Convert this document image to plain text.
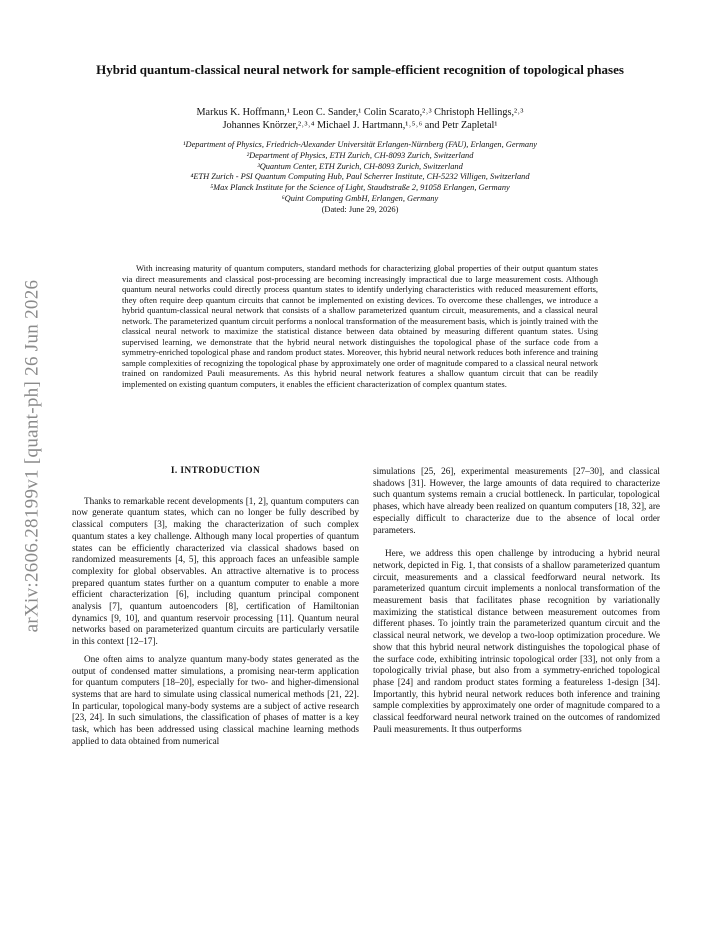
arXiv:2606.28199v1 [quant-ph] 26 Jun 2026
Hybrid quantum-classical neural network for sample-efficient recognition of topological phases
Markus K. Hoffmann,¹ Leon C. Sander,¹ Colin Scarato,²˒³ Christoph Hellings,²˒³
Johannes Knörzer,²˒³˒⁴ Michael J. Hartmann,¹˒⁵˒⁶ and Petr Zapletal¹
¹Department of Physics, Friedrich-Alexander Universität Erlangen-Nürnberg (FAU), Erlangen, Germany
²Department of Physics, ETH Zurich, CH-8093 Zurich, Switzerland
³Quantum Center, ETH Zurich, CH-8093 Zurich, Switzerland
⁴ETH Zurich - PSI Quantum Computing Hub, Paul Scherrer Institute, CH-5232 Villigen, Switzerland
⁵Max Planck Institute for the Science of Light, Staudtstraße 2, 91058 Erlangen, Germany
⁶Quint Computing GmbH, Erlangen, Germany
(Dated: June 29, 2026)
With increasing maturity of quantum computers, standard methods for characterizing global properties of their output quantum states via direct measurements and classical post-processing are becoming increasingly impractical due to large measurement costs. Although quantum neural networks could directly process quantum states to identify underlying characteristics with reduced measurement efforts, they often require deep quantum circuits that cannot be implemented on existing devices. To overcome these challenges, we introduce a hybrid quantum-classical neural network that consists of a shallow parameterized quantum circuit, measurements, and a classical neural network. The parameterized quantum circuit performs a nonlocal transformation of the measurement basis, which is jointly trained with the classical neural network to maximize the statistical distance between data obtained by measuring different quantum states. Using supervised learning, we demonstrate that the hybrid neural network distinguishes the topological phase of the surface code from a symmetry-enriched topological phase and random product states. Moreover, this hybrid neural network reduces both inference and training sample complexities of recognizing the topological phase by approximately one order of magnitude compared to a classical neural network trained on randomized Pauli measurements. As this hybrid neural network features a shallow quantum circuit that can be readily implemented on existing quantum computers, it enables the efficient characterization of complex quantum states.
I. INTRODUCTION

Thanks to remarkable recent developments [1, 2], quantum computers can now generate quantum states, which can no longer be fully described by classical computers [3], making the characterization of such complex quantum states a key challenge. Although many local properties of quantum states can be efficiently characterized via classical shadows based on randomized measurements [4, 5], this approach faces an unfeasible sample complexity for global observables. An attractive alternative is to process prepared quantum states further on a quantum computer to enable a more efficient characterization [6], including quantum principal component analysis [7], quantum autoencoders [8], certification of Hamiltonian dynamics [9, 10], and quantum reservoir processing [11]. Quantum neural networks based on parameterized quantum circuits are particularly versatile in this context [12–17].

One often aims to analyze quantum many-body states generated as the output of condensed matter simulations, a promising near-term application for quantum computers [18–20], especially for two- and higher-dimensional systems that are hard to simulate using classical numerical methods [21, 22]. In particular, topological many-body systems are a subject of active research [23, 24]. In such simulations, the classification of phases of matter is a key task, which has been addressed using classical machine learning methods applied to data obtained from numerical

simulations [25, 26], experimental measurements [27–30], and classical shadows [31]. However, the large amounts of data required to characterize such quantum systems remain a crucial bottleneck. In particular, topological phases, which have already been realized on quantum computers [18, 32], are especially difficult to characterize due to the absence of local order parameters.

Here, we address this open challenge by introducing a hybrid neural network, depicted in Fig. 1, that consists of a shallow parameterized quantum circuit, measurements and a classical feedforward neural network. Its parameterized quantum circuit implements a nonlocal transformation of the measurement basis that facilitates phase recognition by variationally maximizing the statistical distance between measurement outcomes from different phases. To jointly train the parameterized quantum circuit and the classical neural network, we develop a two-loop optimization procedure. We show that this hybrid neural network distinguishes the topological phase of the surface code, exhibiting intrinsic topological order [33], not only from a topologically trivial phase, but also from a symmetry-enriched topological phase [24] and random product states forming a featureless 1-design [34]. Importantly, this hybrid neural network reduces both inference and training sample complexities by approximately one order of magnitude compared to a classical feedforward neural network trained on the outcomes of randomized Pauli measurements. It thus outperforms
